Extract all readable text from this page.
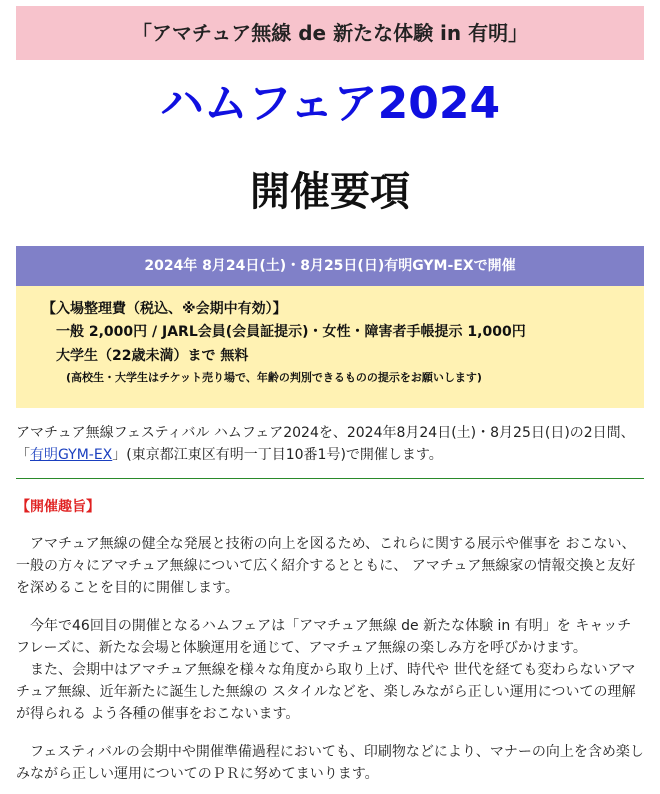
「アマチュア無線 de 新たな体験 in 有明」
ハムフェア2024
開催要項
2024年 8月24日(土)・8月25日(日)有明GYM-EXで開催
【入場整理費（税込、※会期中有効）】
一般 2,000円 / JARL会員(会員証提示)・女性・障害者手帳提示 1,000円
大学生（22歳未満）まで 無料
(高校生・大学生はチケット売り場で、年齢の判別できるものの提示をお願いします)
アマチュア無線フェスティバル ハムフェア2024を、2024年8月24日(土)・8月25日(日)の2日間、「有明GYM-EX」(東京都江東区有明一丁目10番1号)で開催します。
【開催趣旨】

アマチュア無線の健全な発展と技術の向上を図るため、これらに関する展示や催事を おこない、一般の方々にアマチュア無線について広く紹介するとともに、 アマチュア無線家の情報交換と友好を深めることを目的に開催します。

今年で46回目の開催となるハムフェアは「アマチュア無線 de 新たな体験 in 有明」を キャッチフレーズに、新たな会場と体験運用を通じて、アマチュア無線の楽しみ方を呼びかけます。

また、会期中はアマチュア無線を様々な角度から取り上げ、時代や 世代を経ても変わらないアマチュア無線、近年新たに誕生した無線の スタイルなどを、楽しみながら正しい運用についての理解が得られる よう各種の催事をおこないます。

フェスティバルの会期中や開催準備過程においても、印刷物などにより、マナーの向上を含め楽しみながら正しい運用についてのＰＲに努めてまいります。
